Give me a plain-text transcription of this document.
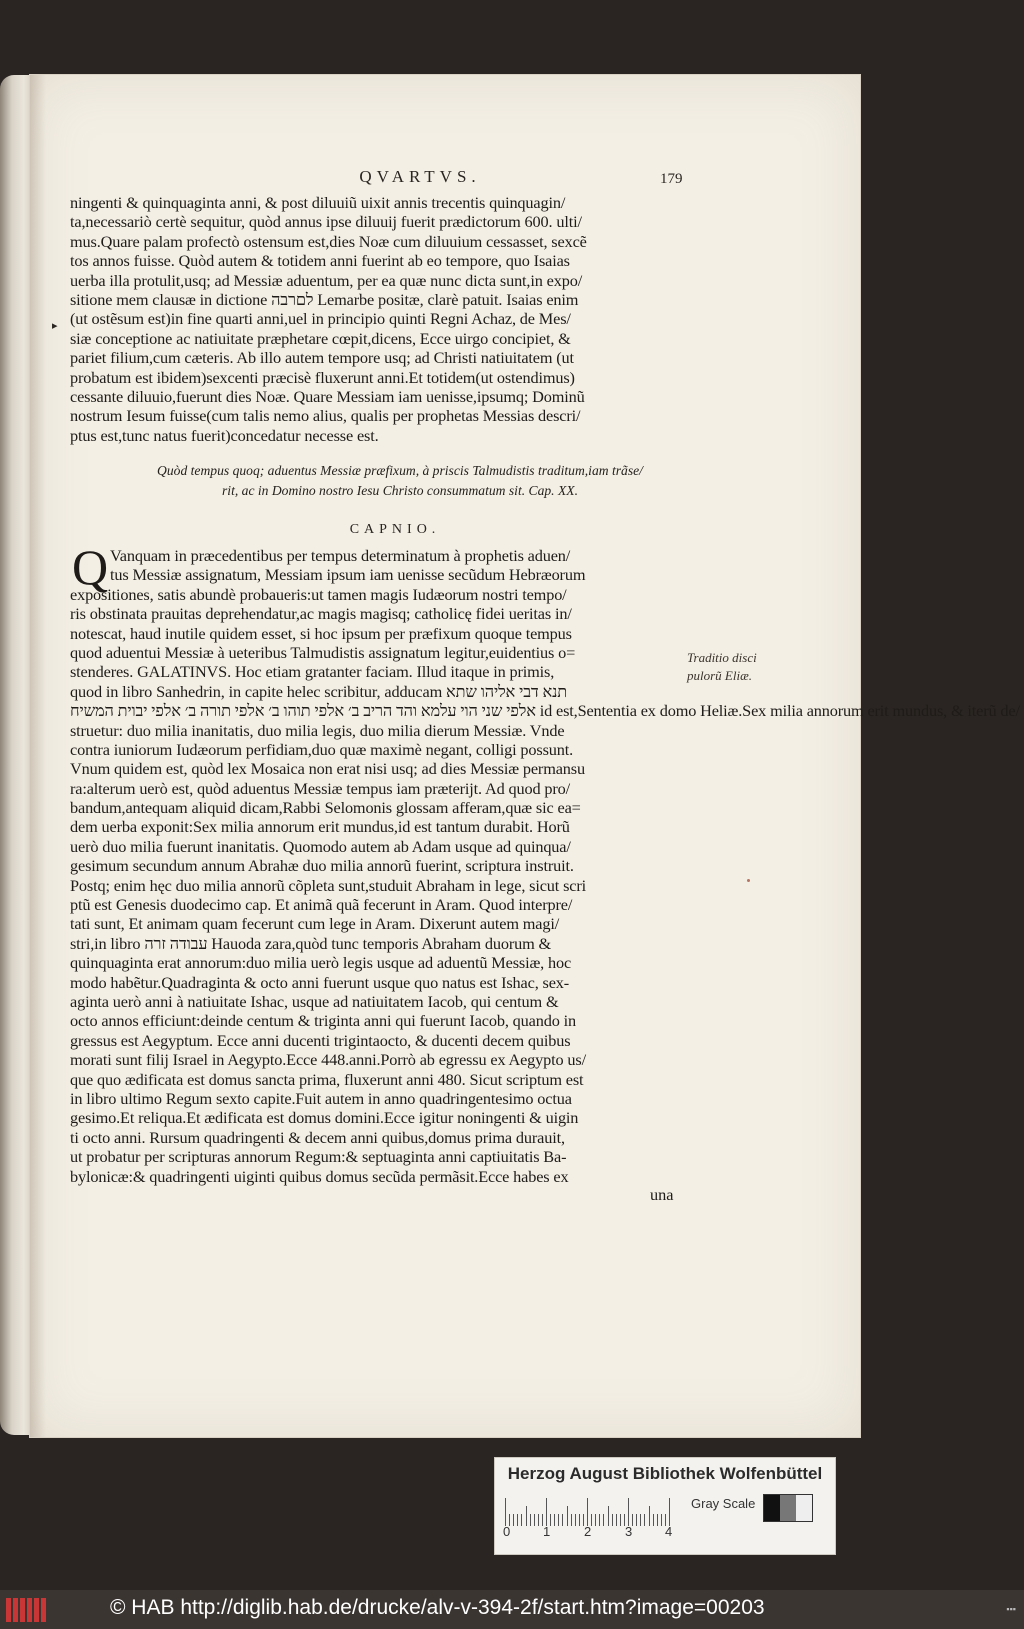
QVARTVS.	179
ningenti & quinquaginta anni, & post diluuiũ uixit annis trecentis quinquagin/
ta,necessariò certè sequitur, quòd annus ipse diluuij fuerit prædictorum 600. ulti/
mus.Quare palam profectò ostensum est,dies Noæ cum diluuium cessasset, sexcẽ
tos annos fuisse. Quòd autem & totidem anni fuerint ab eo tempore, quo Isaias
uerba illa protulit,usq; ad Messiæ aduentum, per ea quæ nunc dicta sunt,in expo/
sitione mem clausæ in dictione לםרבה Lemarbe positæ, clarè patuit. Isaias enim
(ut ostẽsum est)in fine quarti anni,uel in principio quinti Regni Achaz, de Mes/
siæ conceptione ac natiuitate præphetare cœpit,dicens, Ecce uirgo concipiet, &
pariet filium,cum cæteris. Ab illo autem tempore usq; ad Christi natiuitatem (ut
probatum est ibidem)sexcenti præcisè fluxerunt anni.Et totidem(ut ostendimus)
cessante diluuio,fuerunt dies Noæ. Quare Messiam iam uenisse,ipsumq; Dominũ
nostrum Iesum fuisse(cum talis nemo alius, qualis per prophetas Messias descri/
ptus est,tunc natus fuerit)concedatur necesse est.
Quòd tempus quoq; aduentus Messiæ præfixum, à priscis Talmudistis traditum,iam trãse/
rit, ac in Domino nostro Iesu Christo consummatum sit. Cap. XX.
CAPNIO.
Q Vanquam in præcedentibus per tempus determinatum à prophetis aduen/
tus Messiæ assignatum, Messiam ipsum iam uenisse secũdum Hebræorum
expositiones, satis abundè probaueris:ut tamen magis Iudæorum nostri tempo/
ris obstinata prauitas deprehendatur,ac magis magisq; catholicę fidei ueritas in/
notescat, haud inutile quidem esset, si hoc ipsum per præfixum quoque tempus
quod aduentui Messiæ à ueteribus Talmudistis assignatum legitur,euidentius o=
stenderes. GALATINVS. Hoc etiam gratanter faciam. Illud itaque in primis,
quod in libro Sanhedrin, in capite helec scribitur, adducam תנא דבי אליהו שתא
אלפי שני הוי עלמא והד הריב ב׳ אלפי תוהו ב׳ אלפי תורה ב׳ אלפי יבוית המשיח id est,Sententia ex domo Heliæ.Sex milia annorum erit mundus, & iterũ de/
struetur: duo milia inanitatis, duo milia legis, duo milia dierum Messiæ. Vnde
contra iuniorum Iudæorum perfidiam,duo quæ maximè negant, colligi possunt.
Vnum quidem est, quòd lex Mosaica non erat nisi usq; ad dies Messiæ permansu
ra:alterum uerò est, quòd aduentus Messiæ tempus iam præterijt. Ad quod pro/
bandum,antequam aliquid dicam,Rabbi Selomonis glossam afferam,quæ sic ea=
dem uerba exponit:Sex milia annorum erit mundus,id est tantum durabit. Horũ
uerò duo milia fuerunt inanitatis. Quomodo autem ab Adam usque ad quinqua/
gesimum secundum annum Abrahæ duo milia annorũ fuerint, scriptura instruit.
Postq; enim hęc duo milia annorũ cõpleta sunt,studuit Abraham in lege, sicut scri
ptũ est Genesis duodecimo cap. Et animã quã fecerunt in Aram. Quod interpre/
tati sunt, Et animam quam fecerunt cum lege in Aram. Dixerunt autem magi/
stri,in libro עבודה זרה Hauoda zara,quòd tunc temporis Abraham duorum &
quinquaginta erat annorum:duo milia uerò legis usque ad aduentũ Messiæ, hoc
modo habẽtur.Quadraginta & octo anni fuerunt usque quo natus est Ishac, sex-
aginta uerò anni à natiuitate Ishac, usque ad natiuitatem Iacob, qui centum &
octo annos efficiunt:deinde centum & triginta anni qui fuerunt Iacob, quando in
gressus est Aegyptum. Ecce anni ducenti trigintaocto, & ducenti decem quibus
morati sunt filij Israel in Aegypto.Ecce 448.anni.Porrò ab egressu ex Aegypto us/
que quo ædificata est domus sancta prima, fluxerunt anni 480. Sicut scriptum est
in libro ultimo Regum sexto capite.Fuit autem in anno quadringentesimo octua
gesimo.Et reliqua.Et ædificata est domus domini.Ecce igitur noningenti & uigin
ti octo anni. Rursum quadringenti & decem anni quibus,domus prima durauit,
ut probatur per scripturas annorum Regum:& septuaginta anni captiuitatis Ba-
bylonicæ:& quadringenti uiginti quibus domus secũda permãsit.Ecce habes ex
Traditio disci
pulorũ Eliæ.
▸
una
Herzog August Bibliothek Wolfenbüttel
0	1	2	3	4
Gray Scale
© HAB http://diglib.hab.de/drucke/alv-v-394-2f/start.htm?image=00203	▪▪▪
